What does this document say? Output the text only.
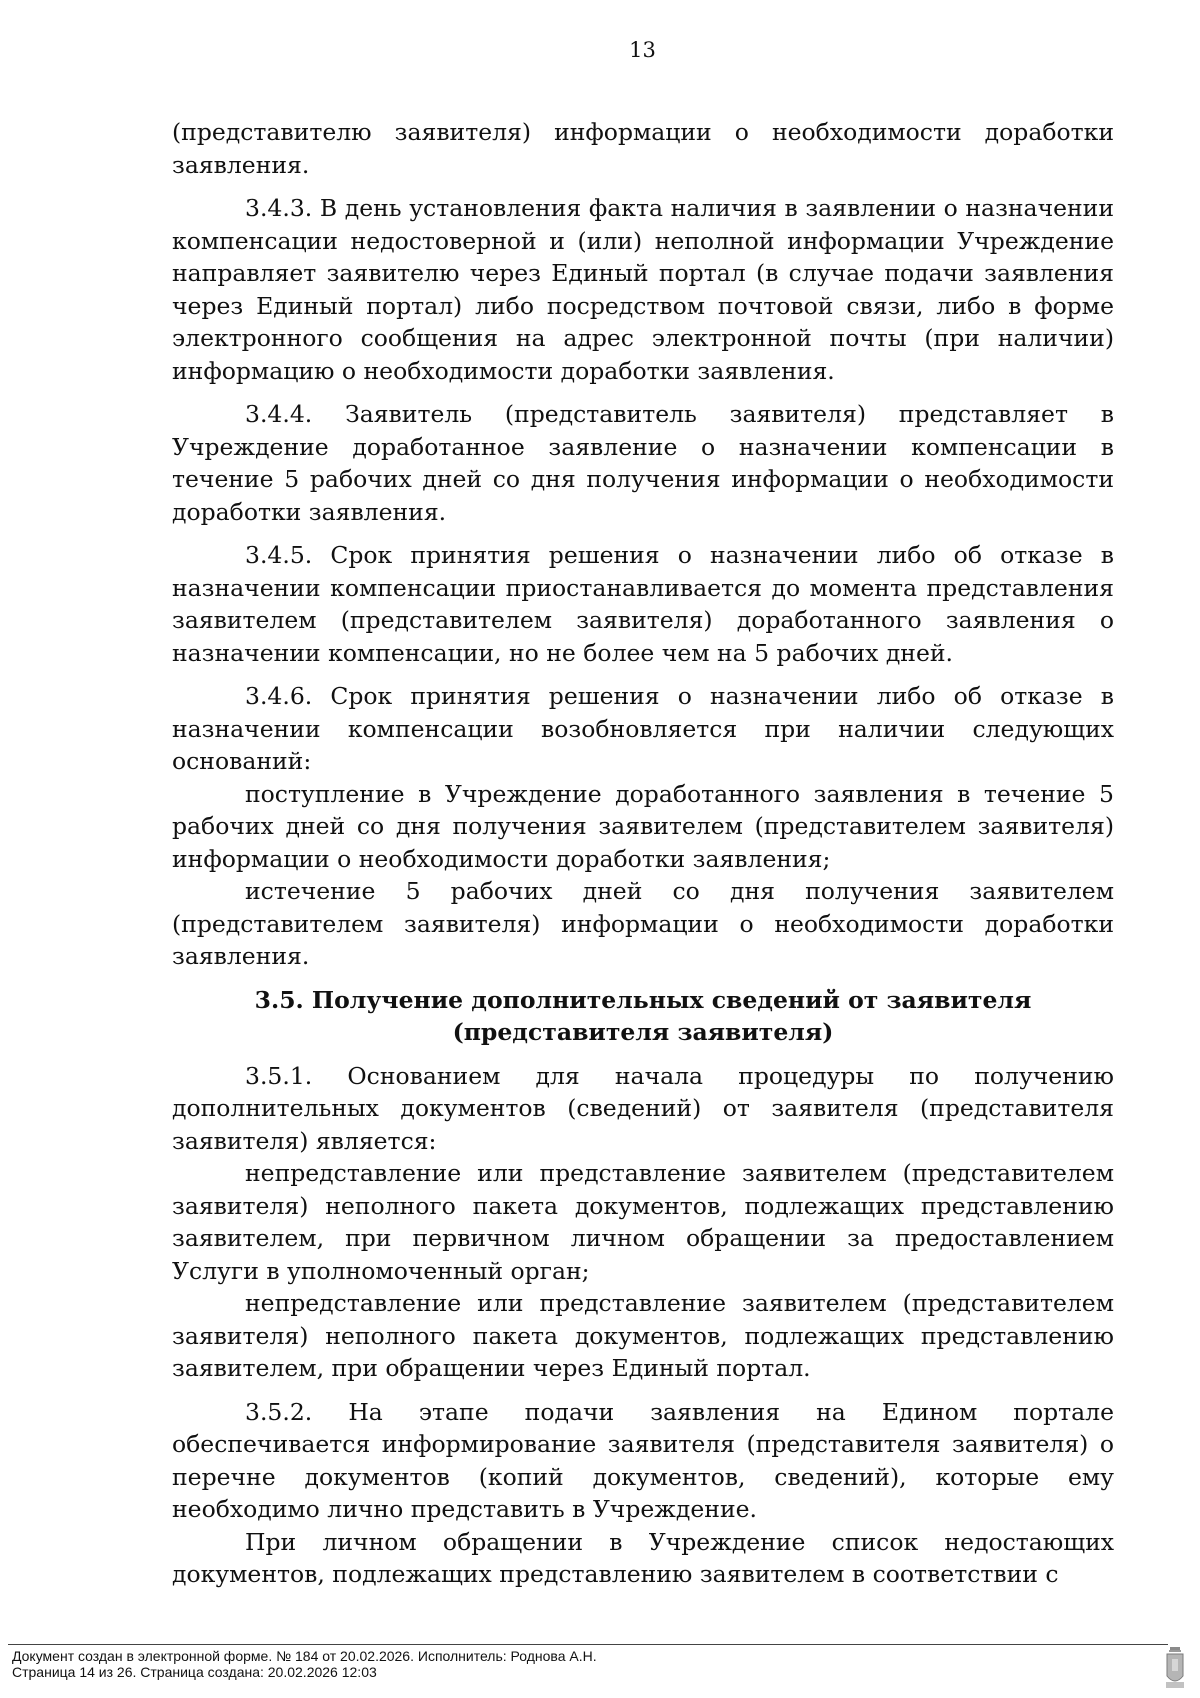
13

(представителю заявителя) информации о необходимости доработки заявления.

3.4.3. В день установления факта наличия в заявлении о назначении компенсации недостоверной и (или) неполной информации Учреждение направляет заявителю через Единый портал (в случае подачи заявления через Единый портал) либо посредством почтовой связи, либо в форме электронного сообщения на адрес электронной почты (при наличии) информацию о необходимости доработки заявления.

3.4.4. Заявитель (представитель заявителя) представляет в Учреждение доработанное заявление о назначении компенсации в течение 5 рабочих дней со дня получения информации о необходимости доработки заявления.

3.4.5. Срок принятия решения о назначении либо об отказе в назначении компенсации приостанавливается до момента представления заявителем (представителем заявителя) доработанного заявления о назначении компенсации, но не более чем на 5 рабочих дней.

3.4.6. Срок принятия решения о назначении либо об отказе в назначении компенсации возобновляется при наличии следующих оснований:

поступление в Учреждение доработанного заявления в течение 5 рабочих дней со дня получения заявителем (представителем заявителя) информации о необходимости доработки заявления;

истечение 5 рабочих дней со дня получения заявителем (представителем заявителя) информации о необходимости доработки заявления.

3.5. Получение дополнительных сведений от заявителя (представителя заявителя)

3.5.1. Основанием для начала процедуры по получению дополнительных документов (сведений) от заявителя (представителя заявителя) является:

непредставление или представление заявителем (представителем заявителя) неполного пакета документов, подлежащих представлению заявителем, при первичном личном обращении за предоставлением Услуги в уполномоченный орган;

непредставление или представление заявителем (представителем заявителя) неполного пакета документов, подлежащих представлению заявителем, при обращении через Единый портал.

3.5.2. На этапе подачи заявления на Едином портале обеспечивается информирование заявителя (представителя заявителя) о перечне документов (копий документов, сведений), которые ему необходимо лично представить в Учреждение.

При личном обращении в Учреждение список недостающих документов, подлежащих представлению заявителем в соответствии с

Документ создан в электронной форме. № 184 от 20.02.2026. Исполнитель: Роднова А.Н.
Страница 14 из 26. Страница создана: 20.02.2026 12:03
